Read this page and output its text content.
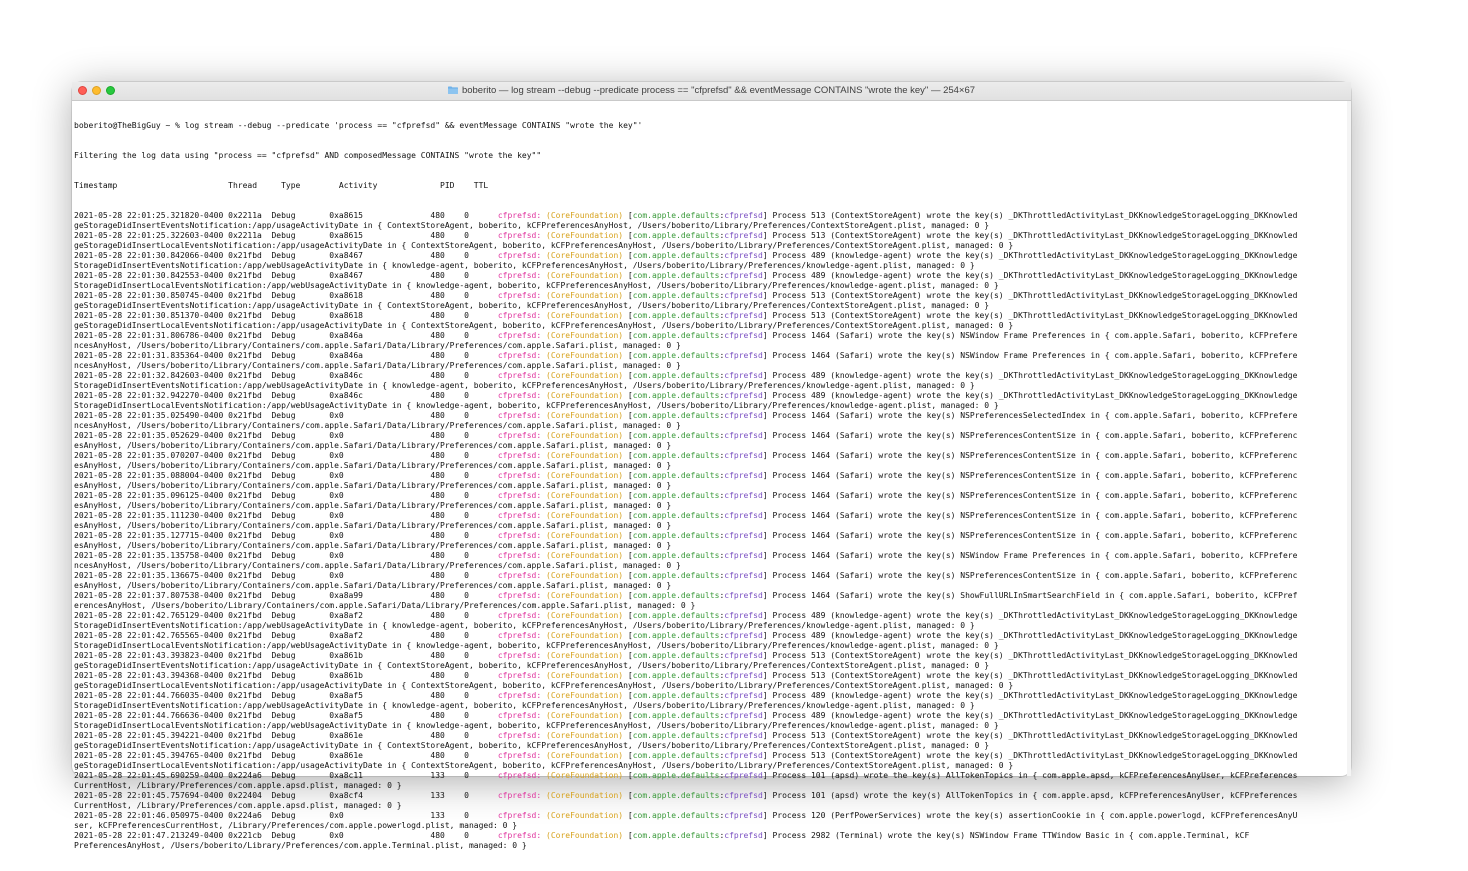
boberito — log stream --debug --predicate process == "cfprefsd" && eventMessage CONTAINS "wrote the key" — 254×67

boberito@TheBigGuy ~ % log stream --debug --predicate 'process == "cfprefsd" && eventMessage CONTAINS "wrote the key"'

Filtering the log data using "process == "cfprefsd" AND composedMessage CONTAINS "wrote the key""

Timestamp                       Thread     Type        Activity             PID    TTL

2021-05-28 22:01:25.321820-0400 0x2211a  Debug       0xa8615              480    0      cfprefsd: (CoreFoundation) [com.apple.defaults:cfprefsd] Process 513 (ContextStoreAgent) wrote the key(s) _DKThrottledActivityLast_DKKnowledgeStorageLogging_DKKnowled
geStorageDidInsertEventsNotification:/app/usageActivityDate in { ContextStoreAgent, boberito, kCFPreferencesAnyHost, /Users/boberito/Library/Preferences/ContextStoreAgent.plist, managed: 0 }
2021-05-28 22:01:25.322603-0400 0x2211a  Debug       0xa8615              480    0      cfprefsd: (CoreFoundation) [com.apple.defaults:cfprefsd] Process 513 (ContextStoreAgent) wrote the key(s) _DKThrottledActivityLast_DKKnowledgeStorageLogging_DKKnowled
geStorageDidInsertLocalEventsNotification:/app/usageActivityDate in { ContextStoreAgent, boberito, kCFPreferencesAnyHost, /Users/boberito/Library/Preferences/ContextStoreAgent.plist, managed: 0 }
2021-05-28 22:01:30.842066-0400 0x21fbd  Debug       0xa8467              480    0      cfprefsd: (CoreFoundation) [com.apple.defaults:cfprefsd] Process 489 (knowledge-agent) wrote the key(s) _DKThrottledActivityLast_DKKnowledgeStorageLogging_DKKnowledge
StorageDidInsertEventsNotification:/app/webUsageActivityDate in { knowledge-agent, boberito, kCFPreferencesAnyHost, /Users/boberito/Library/Preferences/knowledge-agent.plist, managed: 0 }
2021-05-28 22:01:30.842553-0400 0x21fbd  Debug       0xa8467              480    0      cfprefsd: (CoreFoundation) [com.apple.defaults:cfprefsd] Process 489 (knowledge-agent) wrote the key(s) _DKThrottledActivityLast_DKKnowledgeStorageLogging_DKKnowledge
StorageDidInsertLocalEventsNotification:/app/webUsageActivityDate in { knowledge-agent, boberito, kCFPreferencesAnyHost, /Users/boberito/Library/Preferences/knowledge-agent.plist, managed: 0 }
2021-05-28 22:01:30.850745-0400 0x21fbd  Debug       0xa8618              480    0      cfprefsd: (CoreFoundation) [com.apple.defaults:cfprefsd] Process 513 (ContextStoreAgent) wrote the key(s) _DKThrottledActivityLast_DKKnowledgeStorageLogging_DKKnowled
geStorageDidInsertEventsNotification:/app/usageActivityDate in { ContextStoreAgent, boberito, kCFPreferencesAnyHost, /Users/boberito/Library/Preferences/ContextStoreAgent.plist, managed: 0 }
2021-05-28 22:01:30.851370-0400 0x21fbd  Debug       0xa8618              480    0      cfprefsd: (CoreFoundation) [com.apple.defaults:cfprefsd] Process 513 (ContextStoreAgent) wrote the key(s) _DKThrottledActivityLast_DKKnowledgeStorageLogging_DKKnowled
geStorageDidInsertLocalEventsNotification:/app/usageActivityDate in { ContextStoreAgent, boberito, kCFPreferencesAnyHost, /Users/boberito/Library/Preferences/ContextStoreAgent.plist, managed: 0 }
2021-05-28 22:01:31.806786-0400 0x21fbd  Debug       0xa846a              480    0      cfprefsd: (CoreFoundation) [com.apple.defaults:cfprefsd] Process 1464 (Safari) wrote the key(s) NSWindow Frame Preferences in { com.apple.Safari, boberito, kCFPrefere
ncesAnyHost, /Users/boberito/Library/Containers/com.apple.Safari/Data/Library/Preferences/com.apple.Safari.plist, managed: 0 }
2021-05-28 22:01:31.835364-0400 0x21fbd  Debug       0xa846a              480    0      cfprefsd: (CoreFoundation) [com.apple.defaults:cfprefsd] Process 1464 (Safari) wrote the key(s) NSWindow Frame Preferences in { com.apple.Safari, boberito, kCFPrefere
ncesAnyHost, /Users/boberito/Library/Containers/com.apple.Safari/Data/Library/Preferences/com.apple.Safari.plist, managed: 0 }
2021-05-28 22:01:32.842603-0400 0x21fbd  Debug       0xa846c              480    0      cfprefsd: (CoreFoundation) [com.apple.defaults:cfprefsd] Process 489 (knowledge-agent) wrote the key(s) _DKThrottledActivityLast_DKKnowledgeStorageLogging_DKKnowledge
StorageDidInsertEventsNotification:/app/webUsageActivityDate in { knowledge-agent, boberito, kCFPreferencesAnyHost, /Users/boberito/Library/Preferences/knowledge-agent.plist, managed: 0 }
2021-05-28 22:01:32.942270-0400 0x21fbd  Debug       0xa846c              480    0      cfprefsd: (CoreFoundation) [com.apple.defaults:cfprefsd] Process 489 (knowledge-agent) wrote the key(s) _DKThrottledActivityLast_DKKnowledgeStorageLogging_DKKnowledge
StorageDidInsertLocalEventsNotification:/app/webUsageActivityDate in { knowledge-agent, boberito, kCFPreferencesAnyHost, /Users/boberito/Library/Preferences/knowledge-agent.plist, managed: 0 }
2021-05-28 22:01:35.025490-0400 0x21fbd  Debug       0x0                  480    0      cfprefsd: (CoreFoundation) [com.apple.defaults:cfprefsd] Process 1464 (Safari) wrote the key(s) NSPreferencesSelectedIndex in { com.apple.Safari, boberito, kCFPrefere
ncesAnyHost, /Users/boberito/Library/Containers/com.apple.Safari/Data/Library/Preferences/com.apple.Safari.plist, managed: 0 }
2021-05-28 22:01:35.052629-0400 0x21fbd  Debug       0x0                  480    0      cfprefsd: (CoreFoundation) [com.apple.defaults:cfprefsd] Process 1464 (Safari) wrote the key(s) NSPreferencesContentSize in { com.apple.Safari, boberito, kCFPreferenc
esAnyHost, /Users/boberito/Library/Containers/com.apple.Safari/Data/Library/Preferences/com.apple.Safari.plist, managed: 0 }
2021-05-28 22:01:35.070207-0400 0x21fbd  Debug       0x0                  480    0      cfprefsd: (CoreFoundation) [com.apple.defaults:cfprefsd] Process 1464 (Safari) wrote the key(s) NSPreferencesContentSize in { com.apple.Safari, boberito, kCFPreferenc
esAnyHost, /Users/boberito/Library/Containers/com.apple.Safari/Data/Library/Preferences/com.apple.Safari.plist, managed: 0 }
2021-05-28 22:01:35.088004-0400 0x21fbd  Debug       0x0                  480    0      cfprefsd: (CoreFoundation) [com.apple.defaults:cfprefsd] Process 1464 (Safari) wrote the key(s) NSPreferencesContentSize in { com.apple.Safari, boberito, kCFPreferenc
esAnyHost, /Users/boberito/Library/Containers/com.apple.Safari/Data/Library/Preferences/com.apple.Safari.plist, managed: 0 }
2021-05-28 22:01:35.096125-0400 0x21fbd  Debug       0x0                  480    0      cfprefsd: (CoreFoundation) [com.apple.defaults:cfprefsd] Process 1464 (Safari) wrote the key(s) NSPreferencesContentSize in { com.apple.Safari, boberito, kCFPreferenc
esAnyHost, /Users/boberito/Library/Containers/com.apple.Safari/Data/Library/Preferences/com.apple.Safari.plist, managed: 0 }
2021-05-28 22:01:35.111230-0400 0x21fbd  Debug       0x0                  480    0      cfprefsd: (CoreFoundation) [com.apple.defaults:cfprefsd] Process 1464 (Safari) wrote the key(s) NSPreferencesContentSize in { com.apple.Safari, boberito, kCFPreferenc
esAnyHost, /Users/boberito/Library/Containers/com.apple.Safari/Data/Library/Preferences/com.apple.Safari.plist, managed: 0 }
2021-05-28 22:01:35.127715-0400 0x21fbd  Debug       0x0                  480    0      cfprefsd: (CoreFoundation) [com.apple.defaults:cfprefsd] Process 1464 (Safari) wrote the key(s) NSPreferencesContentSize in { com.apple.Safari, boberito, kCFPreferenc
esAnyHost, /Users/boberito/Library/Containers/com.apple.Safari/Data/Library/Preferences/com.apple.Safari.plist, managed: 0 }
2021-05-28 22:01:35.135758-0400 0x21fbd  Debug       0x0                  480    0      cfprefsd: (CoreFoundation) [com.apple.defaults:cfprefsd] Process 1464 (Safari) wrote the key(s) NSWindow Frame Preferences in { com.apple.Safari, boberito, kCFPrefere
ncesAnyHost, /Users/boberito/Library/Containers/com.apple.Safari/Data/Library/Preferences/com.apple.Safari.plist, managed: 0 }
2021-05-28 22:01:35.136675-0400 0x21fbd  Debug       0x0                  480    0      cfprefsd: (CoreFoundation) [com.apple.defaults:cfprefsd] Process 1464 (Safari) wrote the key(s) NSPreferencesContentSize in { com.apple.Safari, boberito, kCFPreferenc
esAnyHost, /Users/boberito/Library/Containers/com.apple.Safari/Data/Library/Preferences/com.apple.Safari.plist, managed: 0 }
2021-05-28 22:01:37.807538-0400 0x21fbd  Debug       0xa8a99              480    0      cfprefsd: (CoreFoundation) [com.apple.defaults:cfprefsd] Process 1464 (Safari) wrote the key(s) ShowFullURLInSmartSearchField in { com.apple.Safari, boberito, kCFPref
erencesAnyHost, /Users/boberito/Library/Containers/com.apple.Safari/Data/Library/Preferences/com.apple.Safari.plist, managed: 0 }
2021-05-28 22:01:42.765129-0400 0x21fbd  Debug       0xa8af2              480    0      cfprefsd: (CoreFoundation) [com.apple.defaults:cfprefsd] Process 489 (knowledge-agent) wrote the key(s) _DKThrottledActivityLast_DKKnowledgeStorageLogging_DKKnowledge
StorageDidInsertEventsNotification:/app/webUsageActivityDate in { knowledge-agent, boberito, kCFPreferencesAnyHost, /Users/boberito/Library/Preferences/knowledge-agent.plist, managed: 0 }
2021-05-28 22:01:42.765565-0400 0x21fbd  Debug       0xa8af2              480    0      cfprefsd: (CoreFoundation) [com.apple.defaults:cfprefsd] Process 489 (knowledge-agent) wrote the key(s) _DKThrottledActivityLast_DKKnowledgeStorageLogging_DKKnowledge
StorageDidInsertLocalEventsNotification:/app/webUsageActivityDate in { knowledge-agent, boberito, kCFPreferencesAnyHost, /Users/boberito/Library/Preferences/knowledge-agent.plist, managed: 0 }
2021-05-28 22:01:43.393823-0400 0x21fbd  Debug       0xa861b              480    0      cfprefsd: (CoreFoundation) [com.apple.defaults:cfprefsd] Process 513 (ContextStoreAgent) wrote the key(s) _DKThrottledActivityLast_DKKnowledgeStorageLogging_DKKnowled
geStorageDidInsertEventsNotification:/app/usageActivityDate in { ContextStoreAgent, boberito, kCFPreferencesAnyHost, /Users/boberito/Library/Preferences/ContextStoreAgent.plist, managed: 0 }
2021-05-28 22:01:43.394368-0400 0x21fbd  Debug       0xa861b              480    0      cfprefsd: (CoreFoundation) [com.apple.defaults:cfprefsd] Process 513 (ContextStoreAgent) wrote the key(s) _DKThrottledActivityLast_DKKnowledgeStorageLogging_DKKnowled
geStorageDidInsertLocalEventsNotification:/app/usageActivityDate in { ContextStoreAgent, boberito, kCFPreferencesAnyHost, /Users/boberito/Library/Preferences/ContextStoreAgent.plist, managed: 0 }
2021-05-28 22:01:44.766035-0400 0x21fbd  Debug       0xa8af5              480    0      cfprefsd: (CoreFoundation) [com.apple.defaults:cfprefsd] Process 489 (knowledge-agent) wrote the key(s) _DKThrottledActivityLast_DKKnowledgeStorageLogging_DKKnowledge
StorageDidInsertEventsNotification:/app/webUsageActivityDate in { knowledge-agent, boberito, kCFPreferencesAnyHost, /Users/boberito/Library/Preferences/knowledge-agent.plist, managed: 0 }
2021-05-28 22:01:44.766636-0400 0x21fbd  Debug       0xa8af5              480    0      cfprefsd: (CoreFoundation) [com.apple.defaults:cfprefsd] Process 489 (knowledge-agent) wrote the key(s) _DKThrottledActivityLast_DKKnowledgeStorageLogging_DKKnowledge
StorageDidInsertLocalEventsNotification:/app/webUsageActivityDate in { knowledge-agent, boberito, kCFPreferencesAnyHost, /Users/boberito/Library/Preferences/knowledge-agent.plist, managed: 0 }
2021-05-28 22:01:45.394221-0400 0x21fbd  Debug       0xa861e              480    0      cfprefsd: (CoreFoundation) [com.apple.defaults:cfprefsd] Process 513 (ContextStoreAgent) wrote the key(s) _DKThrottledActivityLast_DKKnowledgeStorageLogging_DKKnowled
geStorageDidInsertEventsNotification:/app/usageActivityDate in { ContextStoreAgent, boberito, kCFPreferencesAnyHost, /Users/boberito/Library/Preferences/ContextStoreAgent.plist, managed: 0 }
2021-05-28 22:01:45.394765-0400 0x21fbd  Debug       0xa861e              480    0      cfprefsd: (CoreFoundation) [com.apple.defaults:cfprefsd] Process 513 (ContextStoreAgent) wrote the key(s) _DKThrottledActivityLast_DKKnowledgeStorageLogging_DKKnowled
geStorageDidInsertLocalEventsNotification:/app/usageActivityDate in { ContextStoreAgent, boberito, kCFPreferencesAnyHost, /Users/boberito/Library/Preferences/ContextStoreAgent.plist, managed: 0 }
2021-05-28 22:01:45.690259-0400 0x224a6  Debug       0xa8c11              133    0      cfprefsd: (CoreFoundation) [com.apple.defaults:cfprefsd] Process 101 (apsd) wrote the key(s) AllTokenTopics in { com.apple.apsd, kCFPreferencesAnyUser, kCFPreferences
CurrentHost, /Library/Preferences/com.apple.apsd.plist, managed: 0 }
2021-05-28 22:01:45.757694-0400 0x22404  Debug       0xa8cf4              133    0      cfprefsd: (CoreFoundation) [com.apple.defaults:cfprefsd] Process 101 (apsd) wrote the key(s) AllTokenTopics in { com.apple.apsd, kCFPreferencesAnyUser, kCFPreferences
CurrentHost, /Library/Preferences/com.apple.apsd.plist, managed: 0 }
2021-05-28 22:01:46.050975-0400 0x224a6  Debug       0x0                  133    0      cfprefsd: (CoreFoundation) [com.apple.defaults:cfprefsd] Process 120 (PerfPowerServices) wrote the key(s) assertionCookie in { com.apple.powerlogd, kCFPreferencesAnyU
ser, kCFPreferencesCurrentHost, /Library/Preferences/com.apple.powerlogd.plist, managed: 0 }
2021-05-28 22:01:47.213249-0400 0x221cb  Debug       0x0                  480    0      cfprefsd: (CoreFoundation) [com.apple.defaults:cfprefsd] Process 2982 (Terminal) wrote the key(s) NSWindow Frame TTWindow Basic in { com.apple.Terminal, kCF
PreferencesAnyHost, /Users/boberito/Library/Preferences/com.apple.Terminal.plist, managed: 0 }
